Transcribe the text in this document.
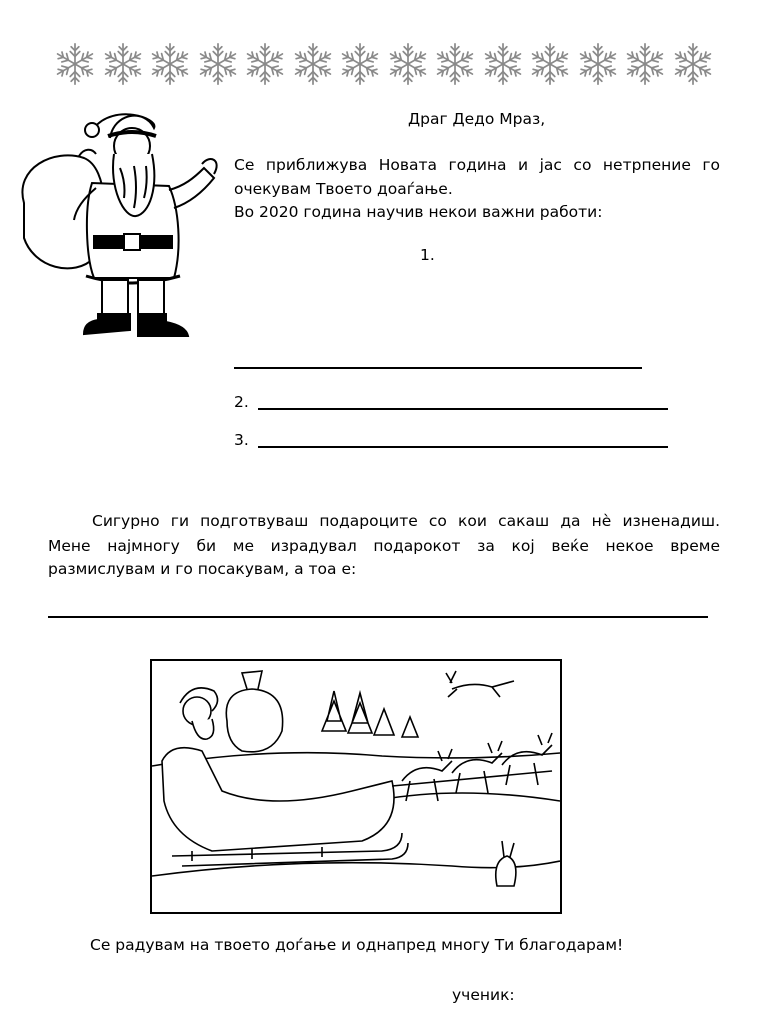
Драг Дедо Мраз,
Се приближува Новата година и јас со нетрпение го
очекувам Твоето доаѓање.
Во 2020 година научив некои важни работи:
1.
2.
3.
Сигурно ги подготвуваш подароците со кои сакаш да нè изненадиш.
Мене најмногу би ме израдувал подарокот за кој веќе некое време
размислувам и го посакувам, а тоа е:
Се радувам на твоето доѓање и однапред многу Ти благодарам!
ученик:
